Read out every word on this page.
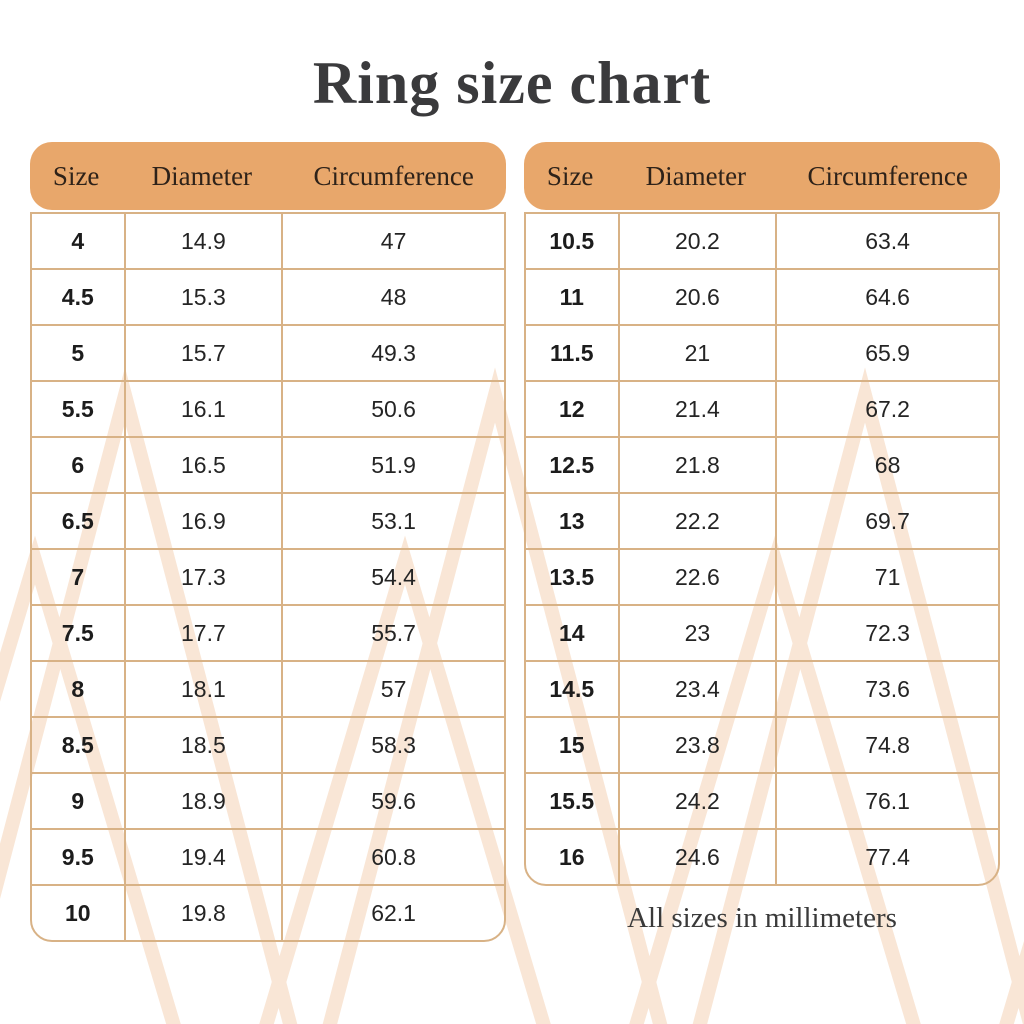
Ring size chart
Size	Diameter	Circumference
4	14.9	47
4.5	15.3	48
5	15.7	49.3
5.5	16.1	50.6
6	16.5	51.9
6.5	16.9	53.1
7	17.3	54.4
7.5	17.7	55.7
8	18.1	57
8.5	18.5	58.3
9	18.9	59.6
9.5	19.4	60.8
10	19.8	62.1
Size	Diameter	Circumference
10.5	20.2	63.4
11	20.6	64.6
11.5	21	65.9
12	21.4	67.2
12.5	21.8	68
13	22.2	69.7
13.5	22.6	71
14	23	72.3
14.5	23.4	73.6
15	23.8	74.8
15.5	24.2	76.1
16	24.6	77.4

All sizes in millimeters
